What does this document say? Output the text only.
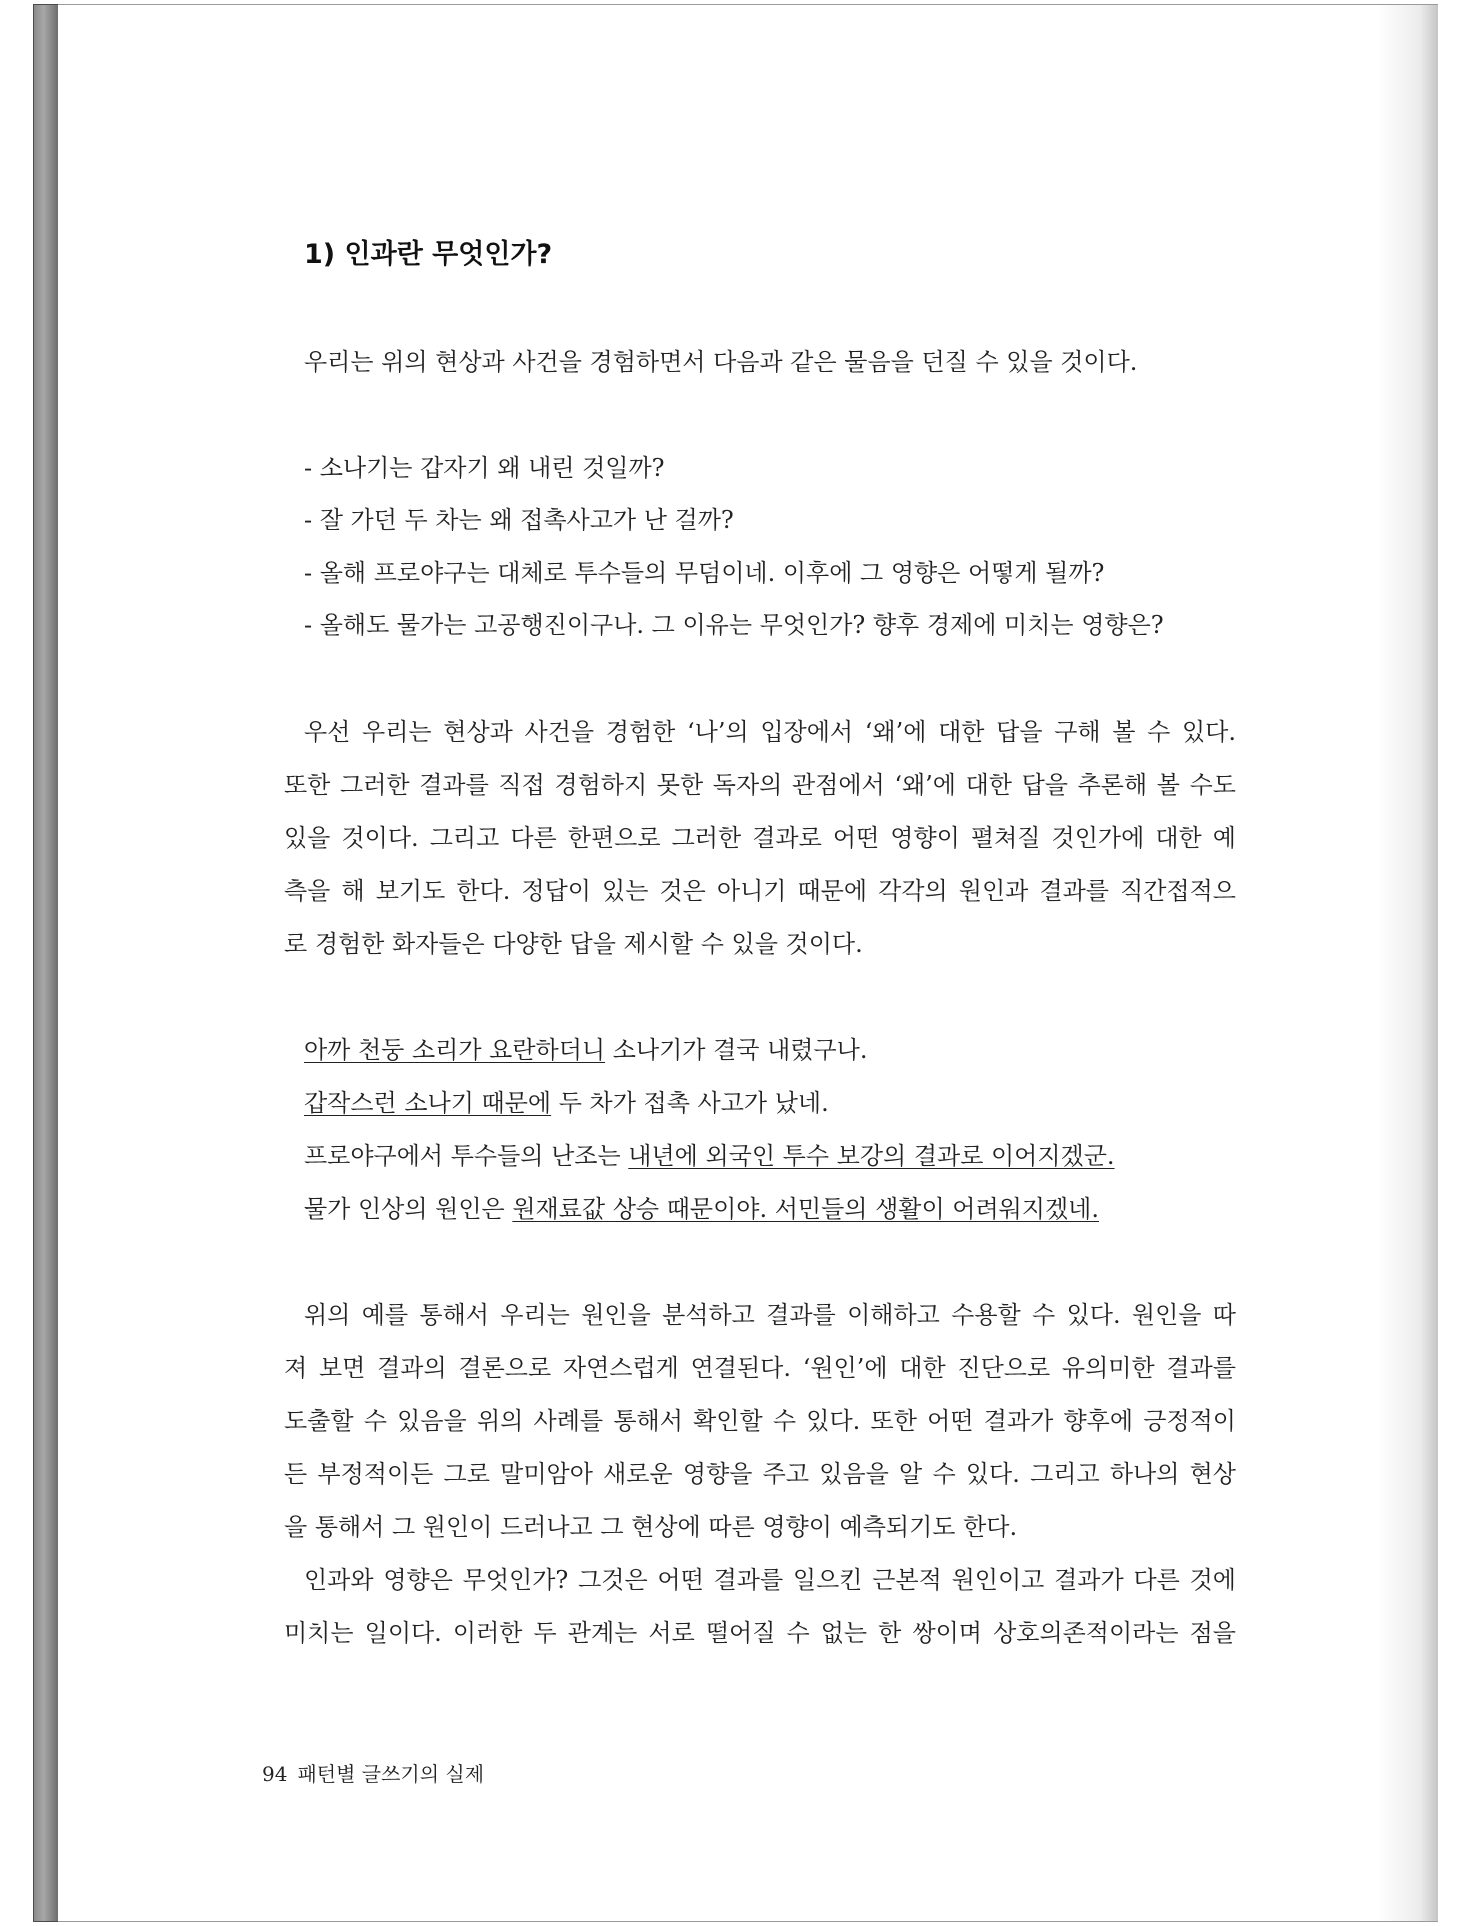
1) 인과란 무엇인가?
우리는 위의 현상과 사건을 경험하면서 다음과 같은 물음을 던질 수 있을 것이다.
- 소나기는 갑자기 왜 내린 것일까?
- 잘 가던 두 차는 왜 접촉사고가 난 걸까?
- 올해 프로야구는 대체로 투수들의 무덤이네. 이후에 그 영향은 어떻게 될까?
- 올해도 물가는 고공행진이구나. 그 이유는 무엇인가? 향후 경제에 미치는 영향은?
우선 우리는 현상과 사건을 경험한 ‘나’의 입장에서 ‘왜’에 대한 답을 구해 볼 수 있다.
또한 그러한 결과를 직접 경험하지 못한 독자의 관점에서 ‘왜’에 대한 답을 추론해 볼 수도
있을 것이다. 그리고 다른 한편으로 그러한 결과로 어떤 영향이 펼쳐질 것인가에 대한 예
측을 해 보기도 한다. 정답이 있는 것은 아니기 때문에 각각의 원인과 결과를 직간접적으
로 경험한 화자들은 다양한 답을 제시할 수 있을 것이다.
아까 천둥 소리가 요란하더니 소나기가 결국 내렸구나.
갑작스런 소나기 때문에 두 차가 접촉 사고가 났네.
프로야구에서 투수들의 난조는 내년에 외국인 투수 보강의 결과로 이어지겠군.
물가 인상의 원인은 원재료값 상승 때문이야. 서민들의 생활이 어려워지겠네.
위의 예를 통해서 우리는 원인을 분석하고 결과를 이해하고 수용할 수 있다. 원인을 따
져 보면 결과의 결론으로 자연스럽게 연결된다. ‘원인’에 대한 진단으로 유의미한 결과를
도출할 수 있음을 위의 사례를 통해서 확인할 수 있다. 또한 어떤 결과가 향후에 긍정적이
든 부정적이든 그로 말미암아 새로운 영향을 주고 있음을 알 수 있다. 그리고 하나의 현상
을 통해서 그 원인이 드러나고 그 현상에 따른 영향이 예측되기도 한다.
인과와 영향은 무엇인가? 그것은 어떤 결과를 일으킨 근본적 원인이고 결과가 다른 것에
미치는 일이다. 이러한 두 관계는 서로 떨어질 수 없는 한 쌍이며 상호의존적이라는 점을
94 패턴별 글쓰기의 실제
